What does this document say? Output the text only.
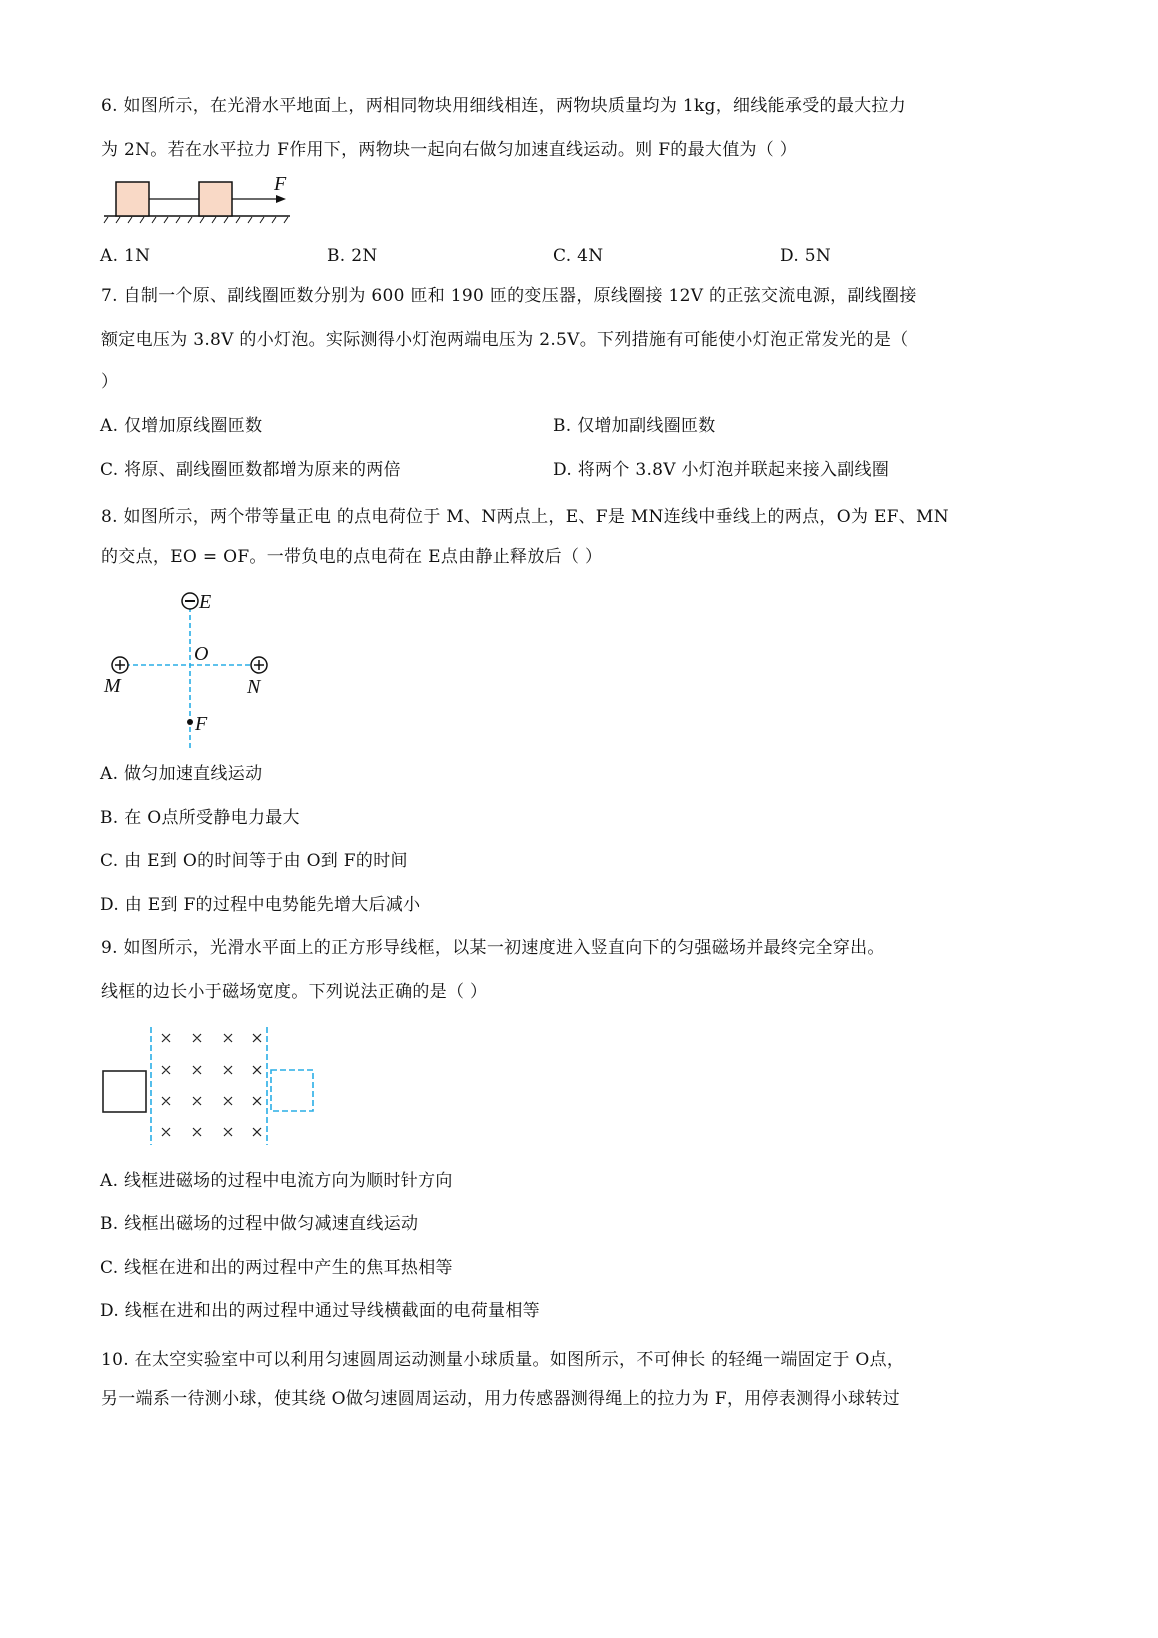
6. 如图所示，在光滑水平地面上，两相同物块用细线相连，两物块质量均为 1kg，细线能承受的最大拉力
为 2N。若在水平拉力 F作用下，两物块一起向右做匀加速直线运动。则 F的最大值为（ ）
F
A. 1N	B. 2N	C. 4N	D. 5N
7. 自制一个原、副线圈匝数分别为 600 匝和 190 匝的变压器，原线圈接 12V 的正弦交流电源，副线圈接
额定电压为 3.8V 的小灯泡。实际测得小灯泡两端电压为 2.5V。下列措施有可能使小灯泡正常发光的是（
）
A. 仅增加原线圈匝数	B. 仅增加副线圈匝数
C. 将原、副线圈匝数都增为原来的两倍	D. 将两个 3.8V 小灯泡并联起来接入副线圈
8. 如图所示，两个带等量正电 的点电荷位于 M、N两点上，E、F是 MN连线中垂线上的两点，O为 EF、MN
的交点，EO = OF。一带负电的点电荷在 E点由静止释放后（ ）
E
O
M	N
F
A. 做匀加速直线运动
B. 在 O点所受静电力最大
C. 由 E到 O的时间等于由 O到 F的时间
D. 由 E到 F的过程中电势能先增大后减小
9. 如图所示，光滑水平面上的正方形导线框，以某一初速度进入竖直向下的匀强磁场并最终完全穿出。
线框的边长小于磁场宽度。下列说法正确的是（ ）
A. 线框进磁场的过程中电流方向为顺时针方向
B. 线框出磁场的过程中做匀减速直线运动
C. 线框在进和出的两过程中产生的焦耳热相等
D. 线框在进和出的两过程中通过导线横截面的电荷量相等
10. 在太空实验室中可以利用匀速圆周运动测量小球质量。如图所示，不可伸长 的轻绳一端固定于 O点，
另一端系一待测小球，使其绕 O做匀速圆周运动，用力传感器测得绳上的拉力为 F，用停表测得小球转过
